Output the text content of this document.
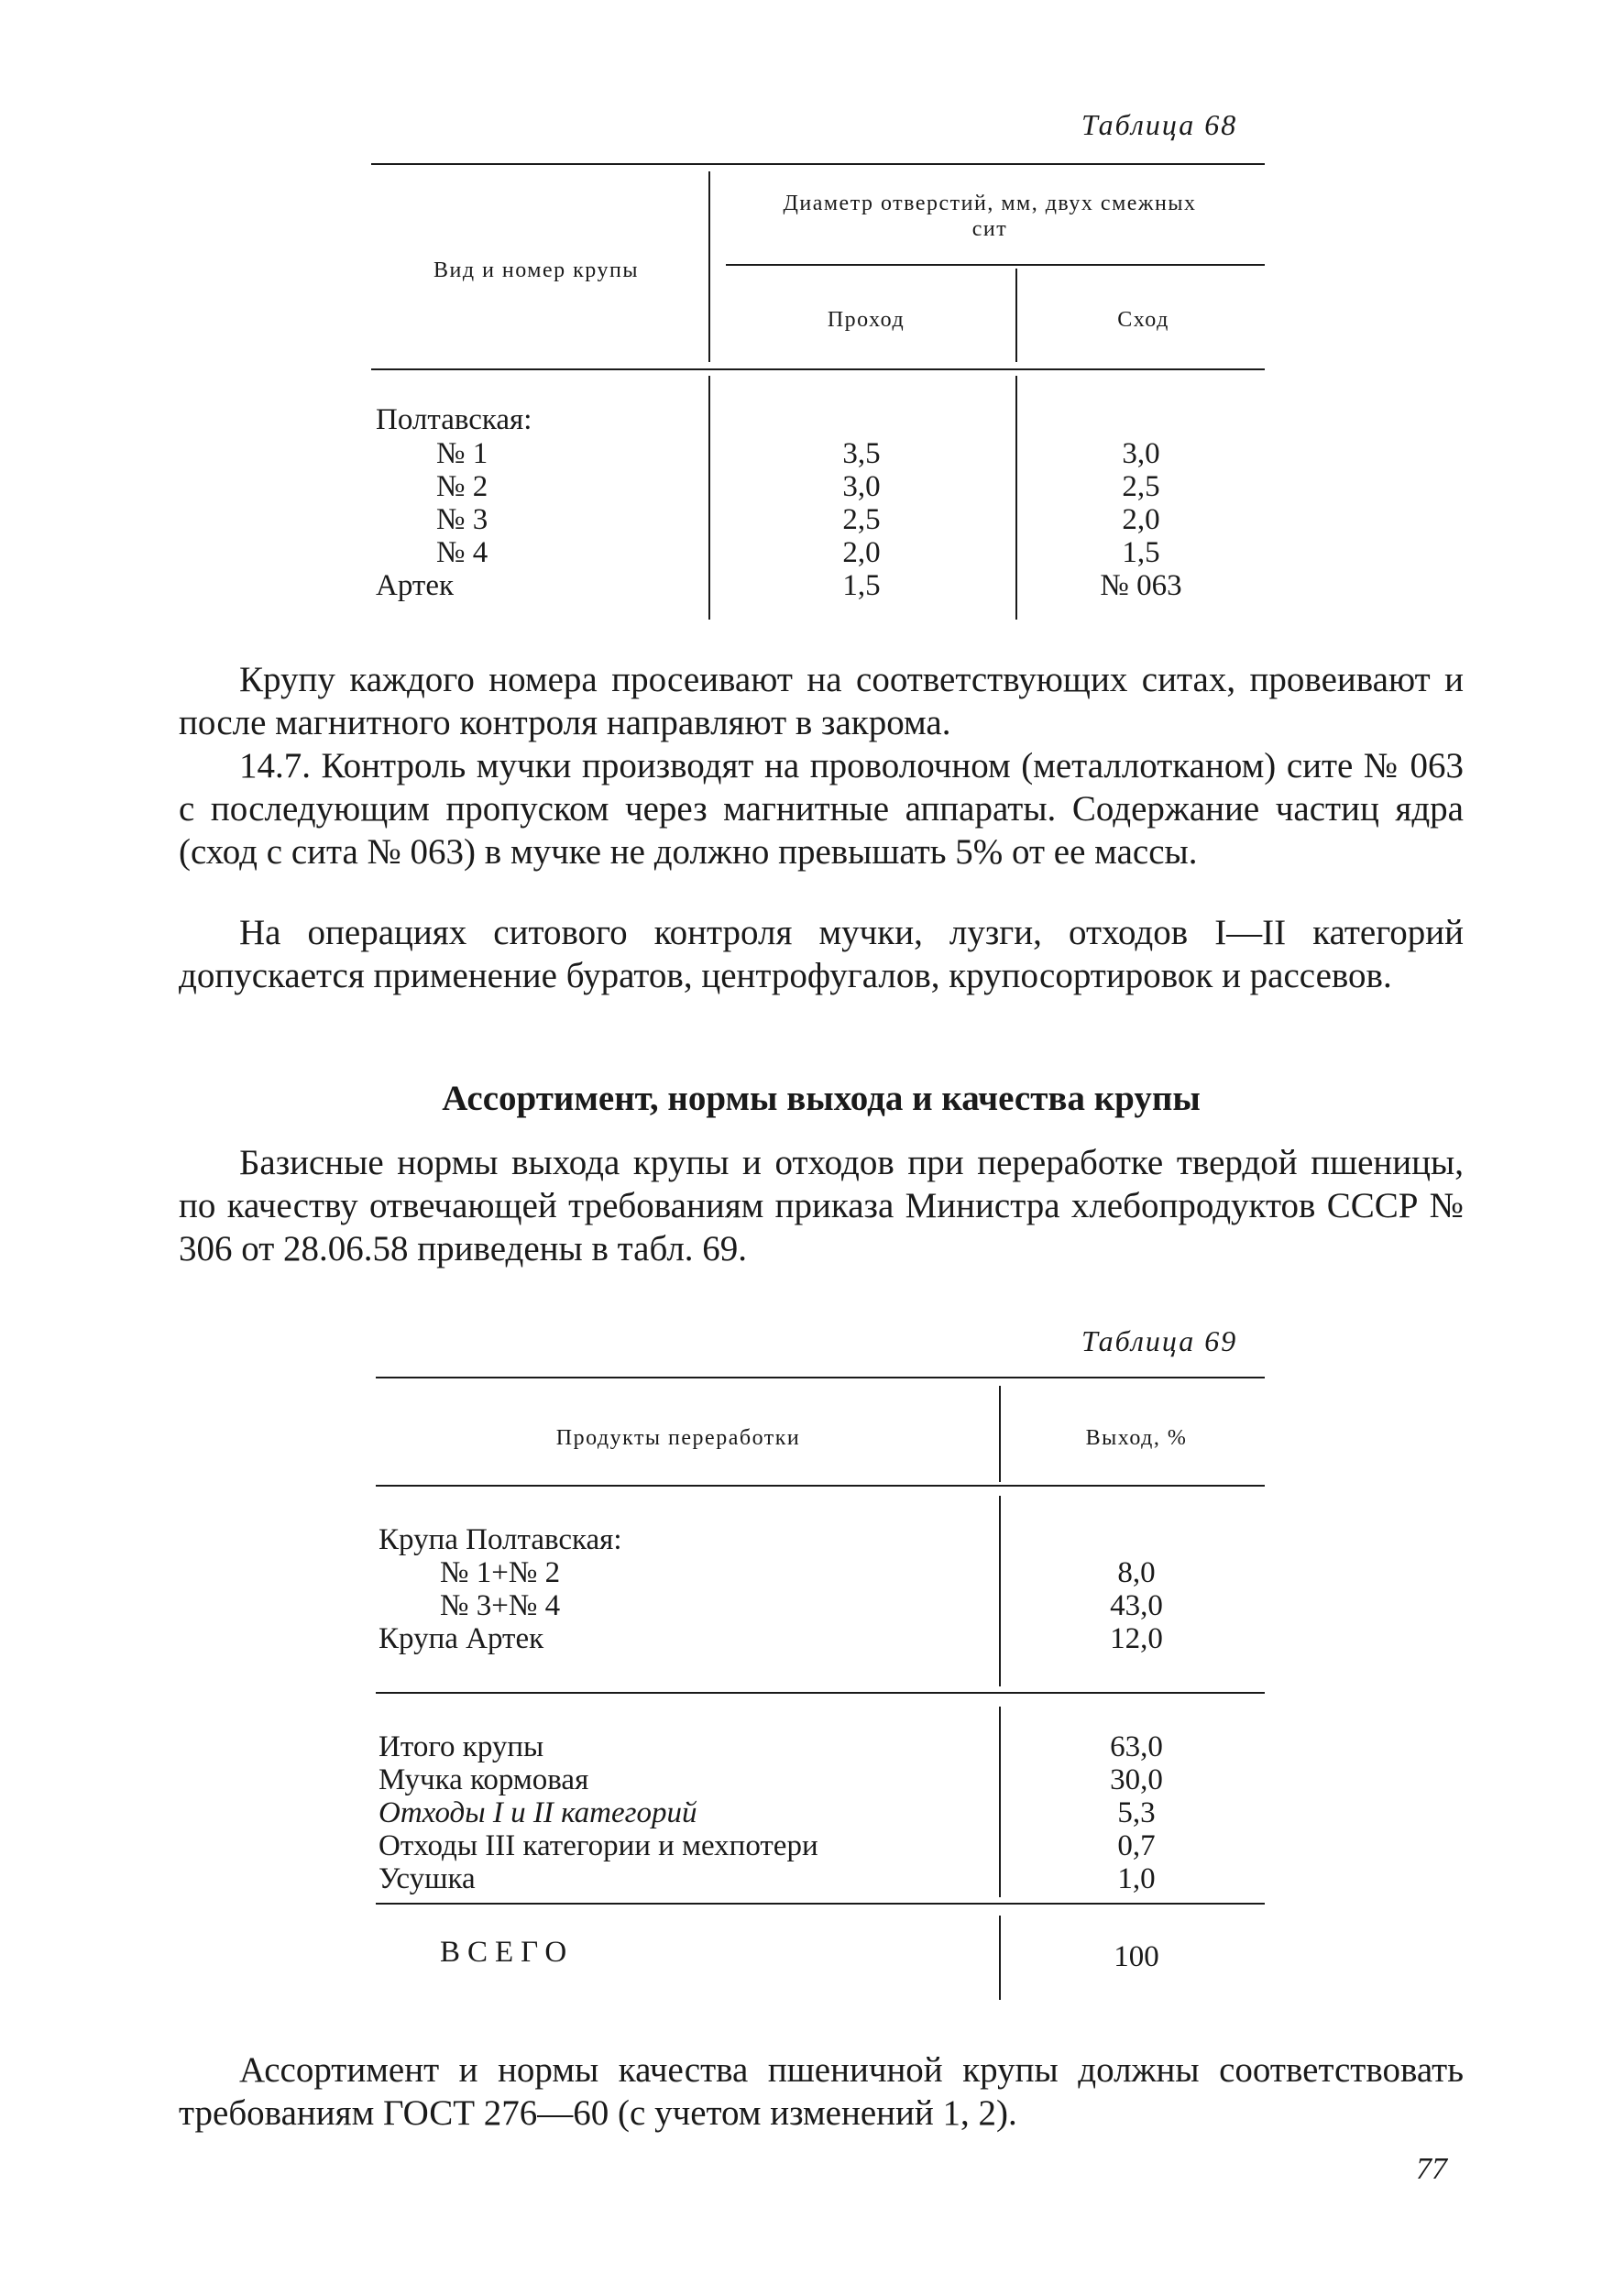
Таблица 68
Вид и номер крупы
Диаметр отверстий, мм, двух смежных сит
Проход	Сход
Полтавская:
№ 1	3,5	3,0
№ 2	3,0	2,5
№ 3	2,5	2,0
№ 4	2,0	1,5
Артек	1,5	№ 063
Крупу каждого номера просеивают на соответствующих ситах, провеивают и после магнитного контроля направляют в закрома.
14.7. Контроль мучки производят на проволочном (металлотканом) сите № 063 с последующим пропуском через магнитные аппараты. Содержание частиц ядра (сход с сита № 063) в мучке не должно превышать 5% от ее массы.
На операциях ситового контроля мучки, лузги, отходов I—II категорий допускается применение буратов, центрофугалов, крупосортировок и рассевов.
Ассортимент, нормы выхода и качества крупы
Базисные нормы выхода крупы и отходов при переработке твердой пшеницы, по качеству отвечающей требованиям приказа Министра хлебопродуктов СССР № 306 от 28.06.58 приведены в табл. 69.
Таблица 69
Продукты переработки	Выход, %
Крупа Полтавская:
№ 1+№ 2	8,0
№ 3+№ 4	43,0
Крупа Артек	12,0
Итого крупы	63,0
Мучка кормовая	30,0
Отходы I и II категорий	5,3
Отходы III категории и мехпотери	0,7
Усушка	1,0
ВСЕГО	100
Ассортимент и нормы качества пшеничной крупы должны соответствовать требованиям ГОСТ 276—60 (с учетом изменений 1, 2).
77
